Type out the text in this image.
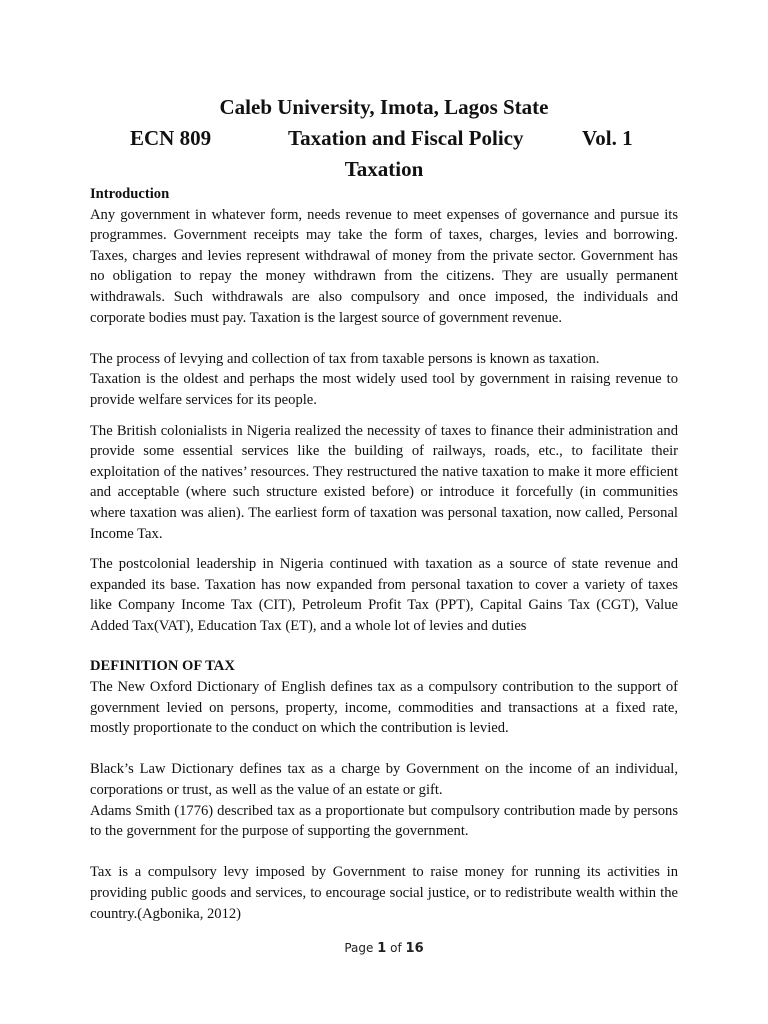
Caleb University, Imota, Lagos State
ECN 809	Taxation and Fiscal Policy	Vol. 1
Taxation

Introduction

Any government in whatever form, needs revenue to meet expenses of governance and pursue its programmes. Government receipts may take the form of taxes, charges, levies and borrowing. Taxes, charges and levies represent withdrawal of money from the private sector. Government has no obligation to repay the money withdrawn from the citizens. They are usually permanent withdrawals. Such withdrawals are also compulsory and once imposed, the individuals and corporate bodies must pay. Taxation is the largest source of government revenue.

The process of levying and collection of tax from taxable persons is known as taxation.

Taxation is the oldest and perhaps the most widely used tool by government in raising revenue to provide welfare services for its people.

The British colonialists in Nigeria realized the necessity of taxes to finance their administration and provide some essential services like the building of railways, roads, etc., to facilitate their exploitation of the natives’ resources. They restructured the native taxation to make it more efficient and acceptable (where such structure existed before) or introduce it forcefully (in communities where taxation was alien). The earliest form of taxation was personal taxation, now called, Personal Income Tax.

The postcolonial leadership in Nigeria continued with taxation as a source of state revenue and expanded its base. Taxation has now expanded from personal taxation to cover a variety of taxes like Company Income Tax (CIT), Petroleum Profit Tax (PPT), Capital Gains Tax (CGT), Value Added Tax(VAT), Education Tax (ET), and a whole lot of levies and duties

DEFINITION OF TAX

The New Oxford Dictionary of English defines tax as a compulsory contribution to the support of government levied on persons, property, income, commodities and transactions at a fixed rate, mostly proportionate to the conduct on which the contribution is levied.

Black’s Law Dictionary defines tax as a charge by Government on the income of an individual, corporations or trust, as well as the value of an estate or gift.

Adams Smith (1776) described tax as a proportionate but compulsory contribution made by persons to the government for the purpose of supporting the government.

Tax is a compulsory levy imposed by Government to raise money for running its activities in providing public goods and services, to encourage social justice, or to redistribute wealth within the country.(Agbonika, 2012)

Page 1 of 16
